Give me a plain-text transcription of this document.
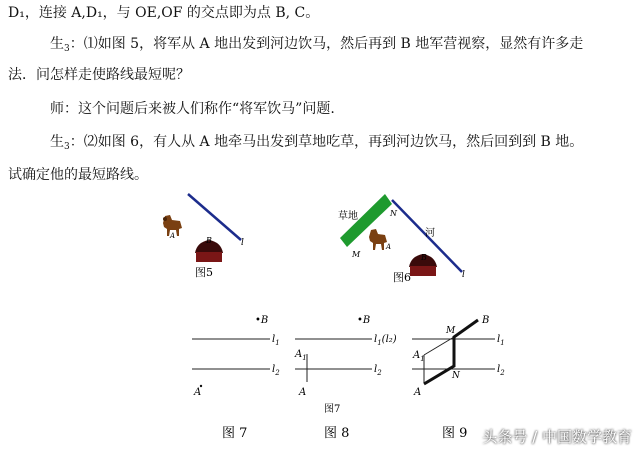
D₁，连接 A,D₁，与 OE,OF 的交点即为点 B, C。
生$_3$：⑴如图 5，将军从 A 地出发到河边饮马，然后再到 B 地军营视察，显然有许多走
法．问怎样走使路线最短呢？
师：这个问题后来被人们称作“将军饮马”问题.
生$_3$：⑵如图 6，有人从 A 地牵马出发到草地吃草，再到河边饮马，然后回到到 B 地。
试确定他的最短路线。
A	B	l
图5
草地
河
N
M
A
B
l
图6
•B
$l_1$
$l_2$
A
图 7
•B
$l_1(l_2)$
$l_2$
$A_1$
A
图7
图 8
M
B
$l_1$
$A_1$
N
$l_2$
A
图 9 头条号 / 中国数学教育
